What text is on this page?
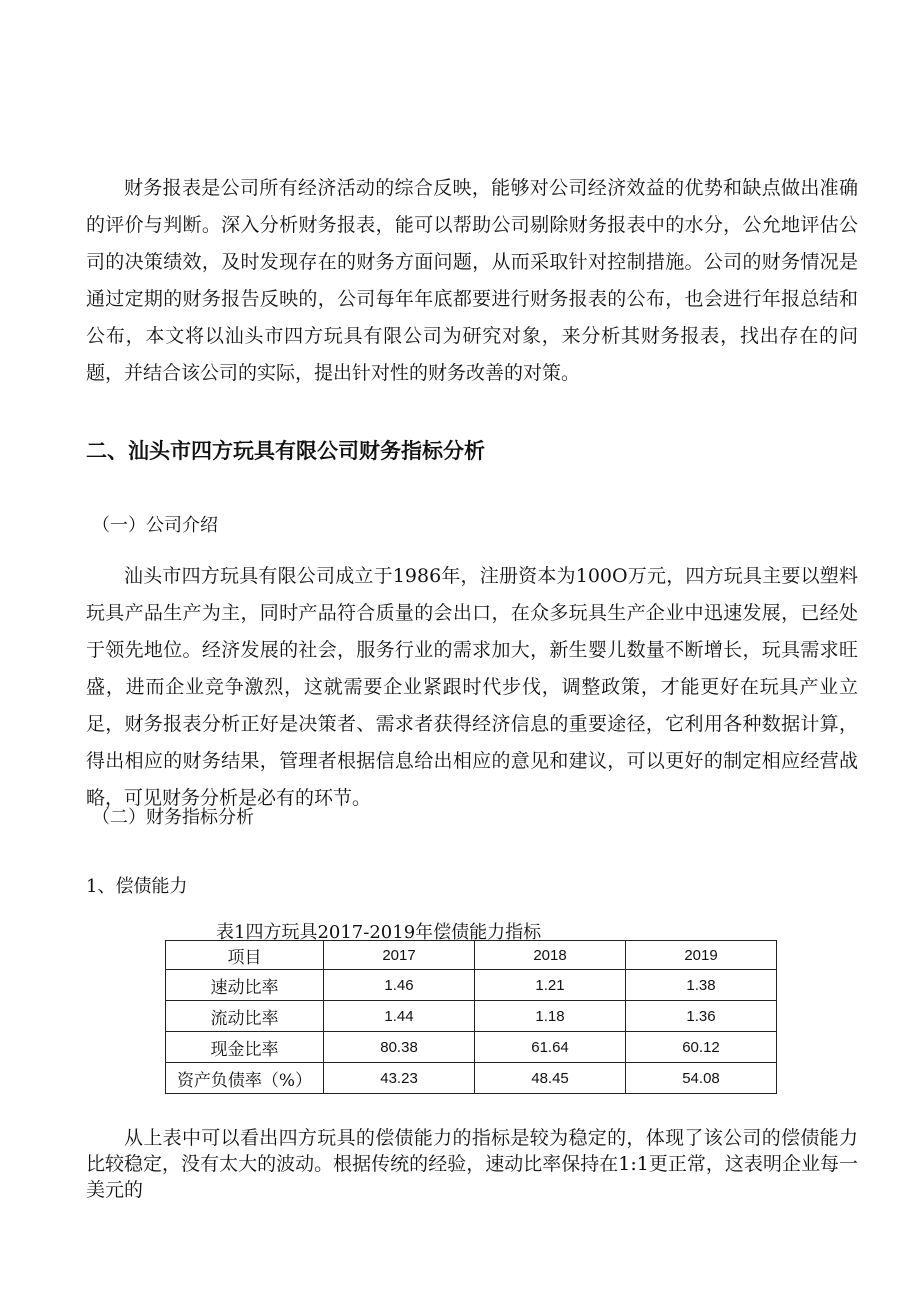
财务报表是公司所有经济活动的综合反映，能够对公司经济效益的优势和缺点做出准确的评价与判断。深入分析财务报表，能可以帮助公司剔除财务报表中的水分，公允地评估公司的决策绩效，及时发现存在的财务方面问题，从而采取针对控制措施。公司的财务情况是通过定期的财务报告反映的，公司每年年底都要进行财务报表的公布，也会进行年报总结和公布，本文将以汕头市四方玩具有限公司为研究对象，来分析其财务报表，找出存在的问题，并结合该公司的实际，提出针对性的财务改善的对策。

二、汕头市四方玩具有限公司财务指标分析

（一）公司介绍

汕头市四方玩具有限公司成立于1986年，注册资本为100O万元，四方玩具主要以塑料玩具产品生产为主，同时产品符合质量的会出口，在众多玩具生产企业中迅速发展，已经处于领先地位。经济发展的社会，服务行业的需求加大，新生婴儿数量不断增长，玩具需求旺盛，进而企业竞争激烈，这就需要企业紧跟时代步伐，调整政策，才能更好在玩具产业立足，财务报表分析正好是决策者、需求者获得经济信息的重要途径，它利用各种数据计算，得出相应的财务结果，管理者根据信息给出相应的意见和建议，可以更好的制定相应经营战略，可见财务分析是必有的环节。

（二）财务指标分析

1、偿债能力

表1四方玩具2017-2019年偿债能力指标

项目	2017	2018	2019
速动比率	1.46	1.21	1.38
流动比率	1.44	1.18	1.36
现金比率	80.38	61.64	60.12
资产负债率（%）	43.23	48.45	54.08

从上表中可以看出四方玩具的偿债能力的指标是较为稳定的，体现了该公司的偿债能力比较稳定，没有太大的波动。根据传统的经验，速动比率保持在1:1更正常，这表明企业每一美元的
